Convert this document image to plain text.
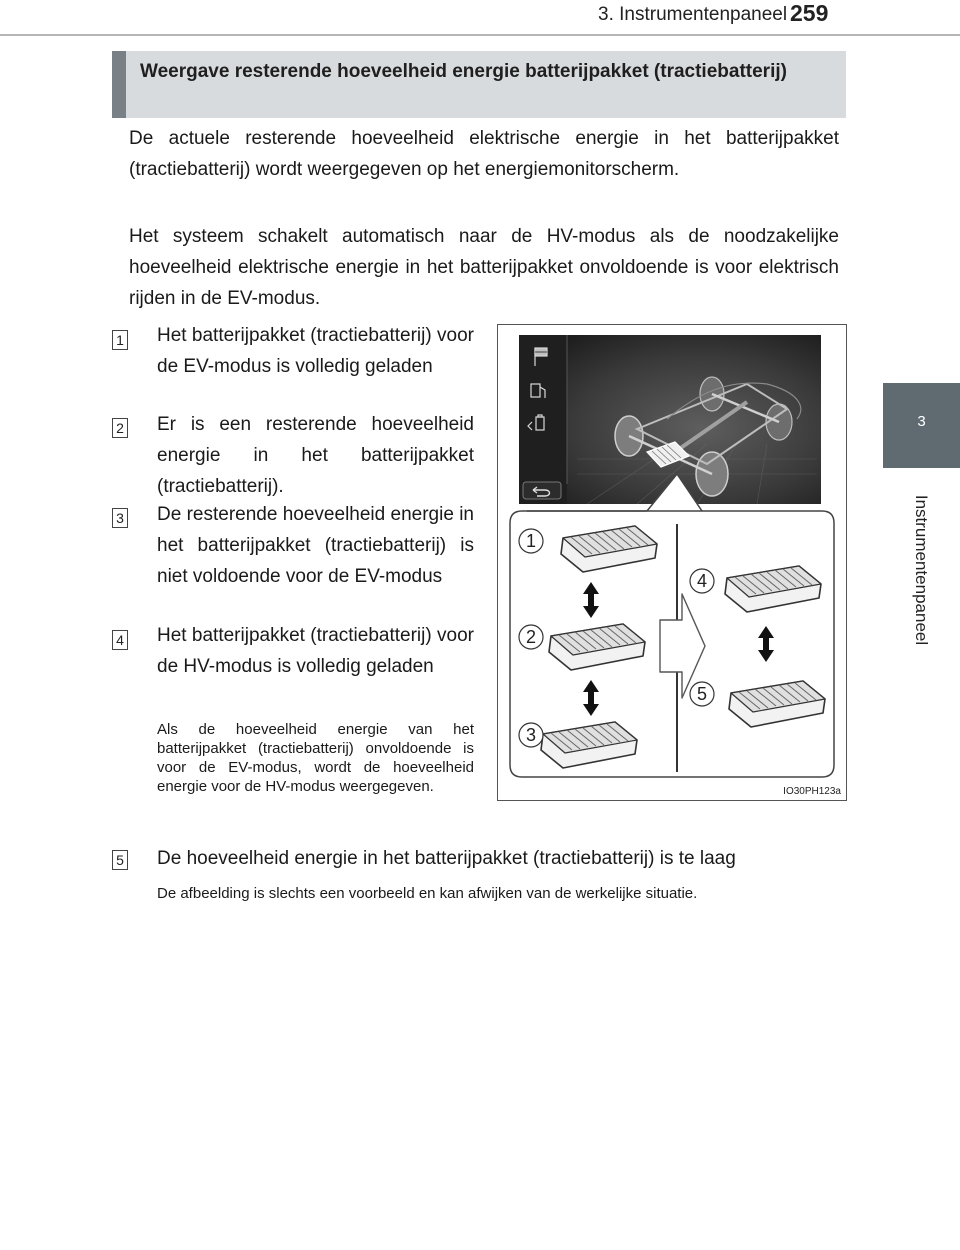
3. Instrumentenpaneel 259
3
Instrumentenpaneel
Weergave resterende hoeveelheid energie batterijpakket (tractiebatterij)
De actuele resterende hoeveelheid elektrische energie in het batterijpakket (tractiebatterij) wordt weergegeven op het energiemonitorscherm.
Het systeem schakelt automatisch naar de HV-modus als de noodzakelijke hoeveelheid elektrische energie in het batterijpakket onvoldoende is voor elektrisch rijden in de EV-modus.
1 Het batterijpakket (tractiebatterij) voor de EV-modus is volledig geladen
2 Er is een resterende hoeveelheid energie in het batterijpakket (tractiebatterij).
3 De resterende hoeveelheid energie in het batterijpakket (tractiebatterij) is niet voldoende voor de EV-modus
4 Het batterijpakket (tractiebatterij) voor de HV-modus is volledig geladen
Als de hoeveelheid energie van het batterijpakket (tractiebatterij) onvoldoende is voor de EV-modus, wordt de hoeveelheid energie voor de HV-modus weergegeven.
5 De hoeveelheid energie in het batterijpakket (tractiebatterij) is te laag
De afbeelding is slechts een voorbeeld en kan afwijken van de werkelijke situatie.
1
2
3
4
5
IO30PH123a
